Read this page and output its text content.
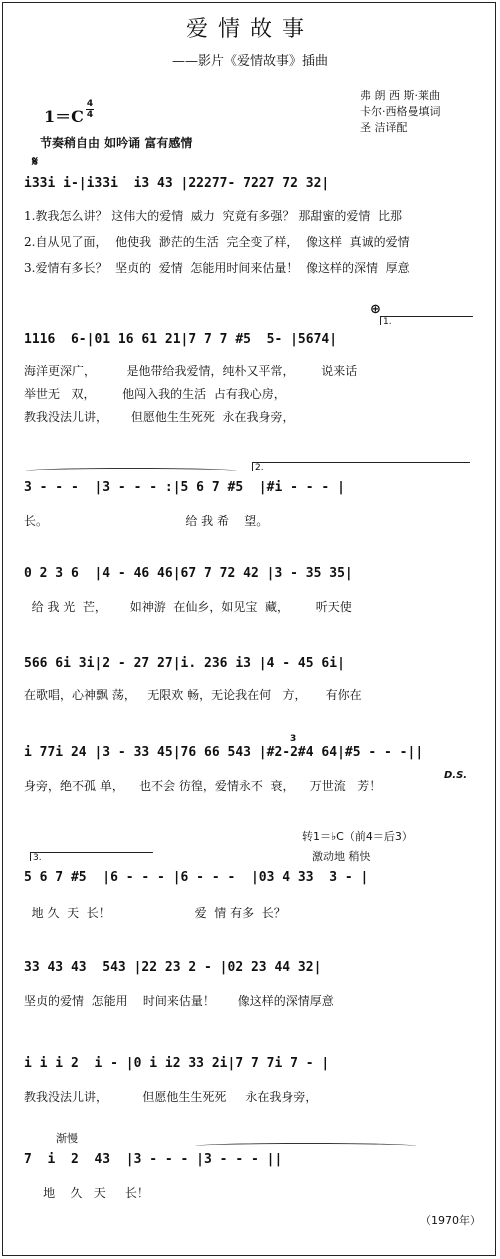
爱情故事
——影片《爱情故事》插曲
弗 朗 西 斯·莱曲
卡尔·西格曼填词
圣 洁译配
1＝C
4
4
节奏稍自由 如吟诵 富有感情
𝄋
i33i i-|i33i  i3 43 |22277- 7227 72 32|
1.教我怎么讲？ 这伟大的爱情  威力  究竟有多强？ 那甜蜜的爱情  比那
2.自从见了面，  他使我  渺茫的生活  完全变了样，  像这样  真诚的爱情
3.爱情有多长？  坚贞的  爱情  怎能用时间来估量！  像这样的深情  厚意
⊕
1.
1116  6-|01 16 61 21|7 7 7 #5  5- |5674|
海洋更深广，        是他带给我爱情，纯朴又平常，       说来话
举世无   双，       他闯入我的生活  占有我心房，
教我没法儿讲，      但愿他生生死死  永在我身旁，
2.
3 - - -  |3 - - - :|5 6 7 #5  |#i - - - |
长。                                    给 我 希    望。
0 2 3 6  |4 - 46 46|67 7 72 42 |3 - 35 35|
给 我 光  芒，      如神游  在仙乡，如见宝  藏，       听天使
566 6i 3i|2 - 27 27|i. 236 i3 |4 - 45 6i|
在歌唱，心神飘 荡，   无限欢 畅，无论我在何   方，     有你在
3
i 77i 24 |3 - 33 45|76 66 543 |#2-2#4 64|#5 - - -||
身旁，绝不孤 单，    也不会 彷徨，爱情永不  衰，    万世流   芳！
D.S.
转1＝♭C（前4＝后3）
激动地 稍快
3.
5 6 7 #5  |6 - - - |6 - - -  |03 4 33  3 - |
地 久  天  长！                      爱  情 有多  长？
33 43 43  543 |22 23 2 - |02 23 44 32|
坚贞的爱情  怎能用    时间来估量！      像这样的深情厚意
i i i 2  i - |0 i i2 33 2i|7 7 7i 7 - |
教我没法儿讲，         但愿他生生死死     永在我身旁，
渐慢
7  i  2  43  |3 - - - |3 - - - ||
地    久   天     长！
（1970年）
